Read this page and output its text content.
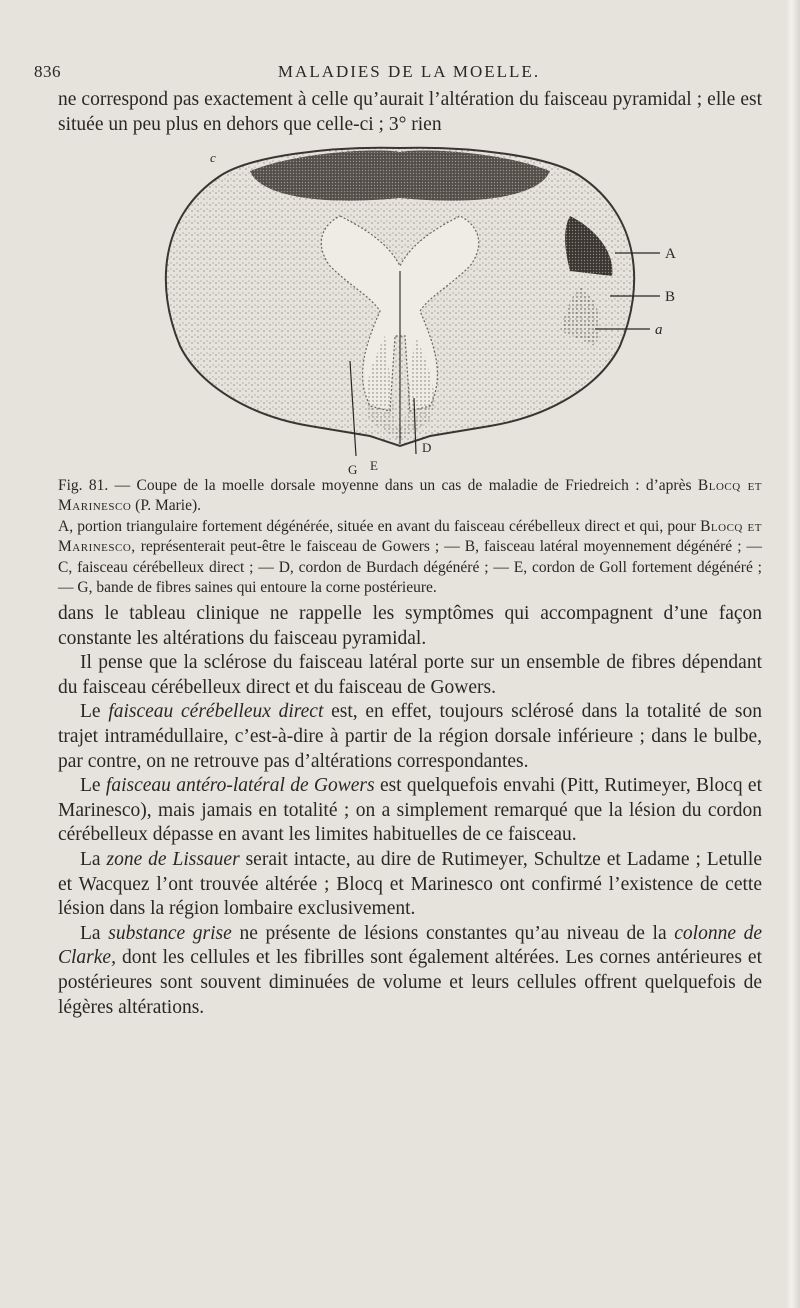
836	MALADIES DE LA MOELLE.
ne correspond pas exactement à celle qu’aurait l’altération du faisceau pyramidal ; elle est située un peu plus en dehors que celle-ci ; 3° rien
A
B
a
D
G E
c

Fig. 81. — Coupe de la moelle dorsale moyenne dans un cas de maladie de Friedreich : d’après Blocq et Marinesco (P. Marie).

A, portion triangulaire fortement dégénérée, située en avant du faisceau cérébelleux direct et qui, pour Blocq et Marinesco, représenterait peut-être le faisceau de Gowers ; — B, faisceau latéral moyennement dégénéré ; — C, faisceau cérébelleux direct ; — D, cordon de Burdach dégénéré ; — E, cordon de Goll fortement dégénéré ; — G, bande de fibres saines qui entoure la corne postérieure.

dans le tableau clinique ne rappelle les symptômes qui accompagnent d’une façon constante les altérations du faisceau pyramidal.

Il pense que la sclérose du faisceau latéral porte sur un ensemble de fibres dépendant du faisceau cérébelleux direct et du faisceau de Gowers.

Le faisceau cérébelleux direct est, en effet, toujours sclérosé dans la totalité de son trajet intramédullaire, c’est-à-dire à partir de la région dorsale inférieure ; dans le bulbe, par contre, on ne retrouve pas d’altérations correspondantes.

Le faisceau antéro-latéral de Gowers est quelquefois envahi (Pitt, Rutimeyer, Blocq et Marinesco), mais jamais en totalité ; on a simplement remarqué que la lésion du cordon cérébelleux dépasse en avant les limites habituelles de ce faisceau.

La zone de Lissauer serait intacte, au dire de Rutimeyer, Schultze et Ladame ; Letulle et Wacquez l’ont trouvée altérée ; Blocq et Marinesco ont confirmé l’existence de cette lésion dans la région lombaire exclusivement.

La substance grise ne présente de lésions constantes qu’au niveau de la colonne de Clarke, dont les cellules et les fibrilles sont également altérées. Les cornes antérieures et postérieures sont souvent diminuées de volume et leurs cellules offrent quelquefois de légères altérations.
